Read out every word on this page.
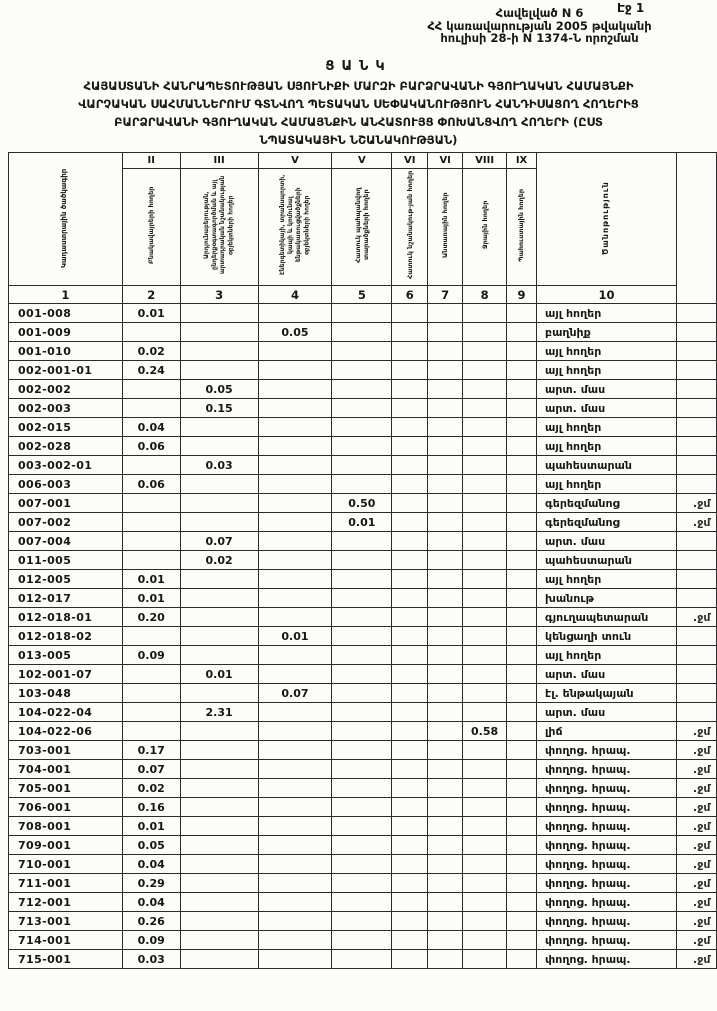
Էջ 1
Հավելված N 6
ՀՀ կառավարության 2005 թվականի
հուլիսի 28-ի N 1374-Ն որոշման
ՑԱՆԿ
ՀԱՅԱՍՏԱՆԻ ՀԱՆՐԱՊԵՏՈՒԹՅԱՆ ՍՅՈՒՆԻՔԻ ՄԱՐԶԻ ԲԱՐՁՐԱՎԱՆԻ ԳՅՈՒՂԱԿԱՆ ՀԱՄԱՅՆՔԻ
ՎԱՐՉԱԿԱՆ ՍԱՀՄԱՆՆԵՐՈՒՄ ԳՏՆՎՈՂ ՊԵՏԱԿԱՆ ՍԵՓԱԿԱՆՈՒԹՅՈՒՆ ՀԱՆԴԻՍԱՑՈՂ ՀՈՂԵՐԻՑ
ԲԱՐՁՐԱՎԱՆԻ ԳՅՈՒՂԱԿԱՆ ՀԱՄԱՅՆՔԻՆ ԱՆՀԱՏՈՒՅՑ ՓՈԽԱՆՑՎՈՂ ՀՈՂԵՐԻ (ԸՍՏ
ՆՊԱՏԱԿԱՅԻՆ ՆՇԱՆԱԿՈՒԹՅԱՆ)
Կադաստրային ծածկագիր	II	III	V	V	VI	VI	VIII	IX	Ծանոթություն	
	Բնակավայրերի հողեր	Արդյունաբերության, ընդերքօգտագործման և այլ արտադրական նշանակության օբյեկտների հողեր	Էներգետիկայի, տրանսպորտի, կապի և կոմունալ ենթակառուցվածքների օբյեկտների հողեր	Հատուկ պահպանվող տարածքների հողեր	Հատուկ նշանակութ-յան հողեր	Անտառային հողեր	Ջրային հողեր	Պահուստային հողեր		
1	2	3	4	5	6	7	8	9	10	
001-008	0.01								այլ հողեր	
001-009			0.05						բաղնիք	
001-010	0.02								այլ հողեր	
002-001-01	0.24								այլ հողեր	
002-002		0.05							արտ. մաս	
002-003		0.15							արտ. մաս	
002-015	0.04								այլ հողեր	
002-028	0.06								այլ հողեր	
003-002-01		0.03							պահեստարան	
006-003	0.06								այլ հողեր	
007-001				0.50					գերեզմանոց	.ջմ
007-002				0.01					գերեզմանոց	.ջմ
007-004		0.07							արտ. մաս	
011-005		0.02							պահեստարան	
012-005	0.01								այլ հողեր	
012-017	0.01								խանութ	
012-018-01	0.20								գյուղապետարան	.ջմ
012-018-02			0.01						կենցաղի տուն	
013-005	0.09								այլ հողեր	
102-001-07		0.01							արտ. մաս	
103-048			0.07						էլ. ենթակայան	
104-022-04		2.31							արտ. մաս	
104-022-06							0.58		լիճ	.ջմ
703-001	0.17								փողոց. հրապ.	.ջմ
704-001	0.07								փողոց. հրապ.	.ջմ
705-001	0.02								փողոց. հրապ.	.ջմ
706-001	0.16								փողոց. հրապ.	.ջմ
708-001	0.01								փողոց. հրապ.	.ջմ
709-001	0.05								փողոց. հրապ.	.ջմ
710-001	0.04								փողոց. հրապ.	.ջմ
711-001	0.29								փողոց. հրապ.	.ջմ
712-001	0.04								փողոց. հրապ.	.ջմ
713-001	0.26								փողոց. հրապ.	.ջմ
714-001	0.09								փողոց. հրապ.	.ջմ
715-001	0.03								փողոց. հրապ.	.ջմ
